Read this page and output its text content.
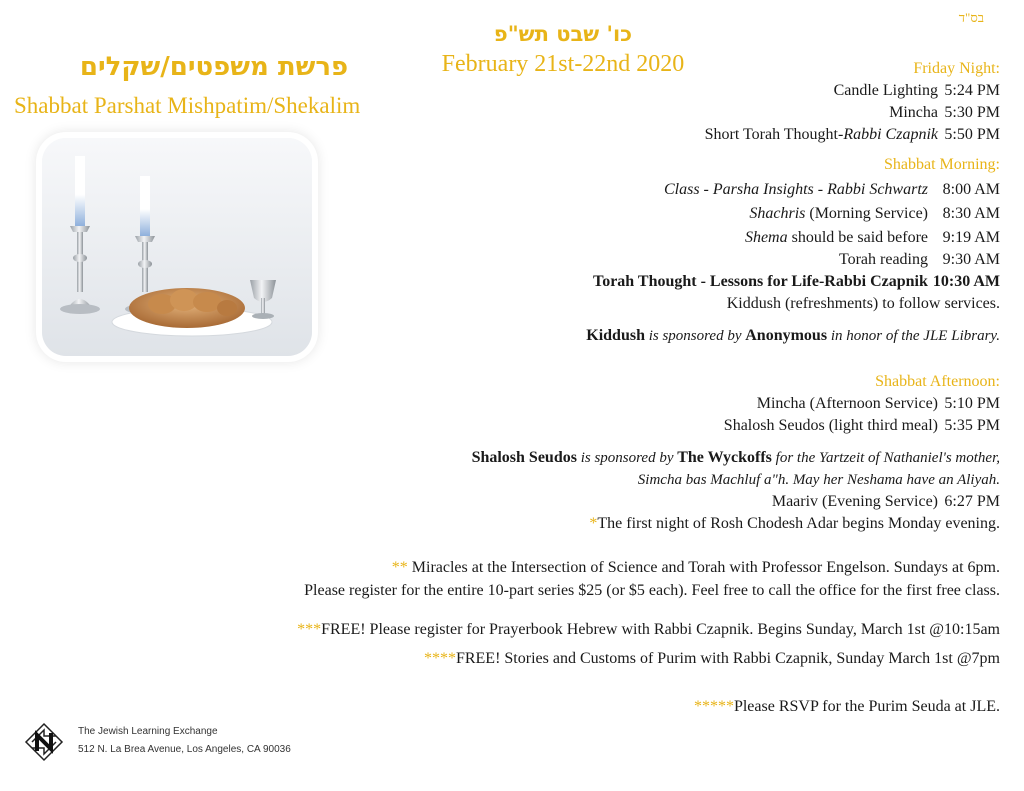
בס"ד
כו' שבט תש"פ
February 21st-22nd 2020
פרשת משפטים/שקלים
Shabbat Parshat Mishpatim/Shekalim
Friday Night:
Candle Lighting 5:24 PM
Mincha 5:30 PM
Short Torah Thought-Rabbi Czapnik 5:50 PM
Shabbat Morning:
Class - Parsha Insights - Rabbi Schwartz 8:00 AM
Shachris (Morning Service) 8:30 AM
Shema should be said before 9:19 AM
Torah reading 9:30 AM
Torah Thought - Lessons for Life-Rabbi Czapnik 10:30 AM
Kiddush (refreshments) to follow services.
Kiddush is sponsored by Anonymous in honor of the JLE Library.
Shabbat Afternoon:
Mincha (Afternoon Service) 5:10 PM
Shalosh Seudos (light third meal) 5:35 PM
Shalosh Seudos is sponsored by The Wyckoffs for the Yartzeit of Nathaniel's mother,
Simcha bas Machluf a"h. May her Neshama have an Aliyah.
Maariv (Evening Service) 6:27 PM
*The first night of Rosh Chodesh Adar begins Monday evening.
** Miracles at the Intersection of Science and Torah with Professor Engelson. Sundays at 6pm.
Please register for the entire 10-part series $25 (or $5 each). Feel free to call the office for the first free class.
***FREE! Please register for Prayerbook Hebrew with Rabbi Czapnik. Begins Sunday, March 1st @10:15am
****FREE! Stories and Customs of Purim with Rabbi Czapnik, Sunday March 1st @7pm
*****Please RSVP for the Purim Seuda at JLE.
The Jewish Learning Exchange
512 N. La Brea Avenue, Los Angeles, CA 90036
